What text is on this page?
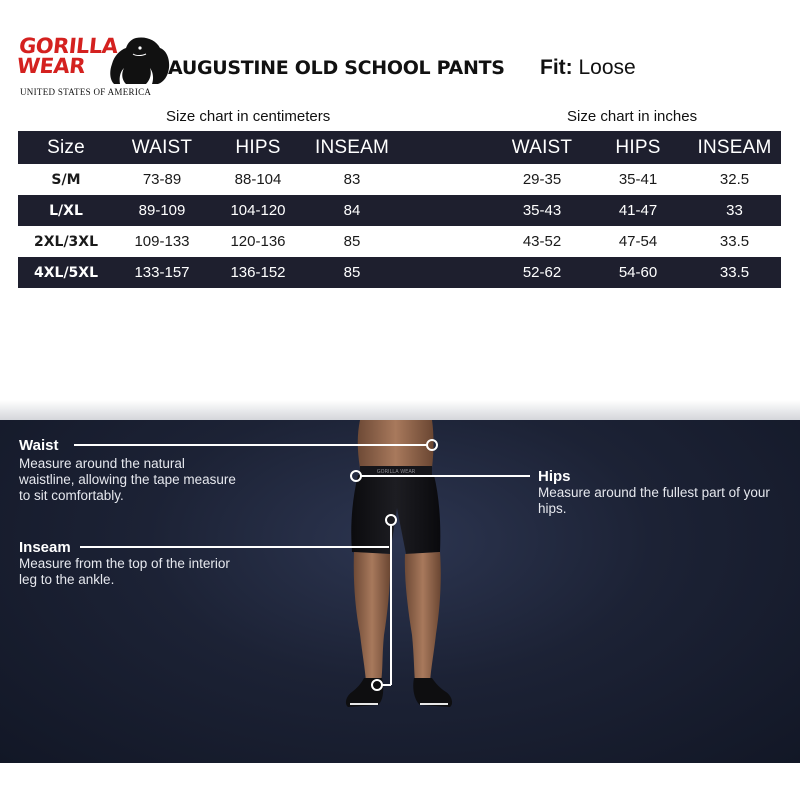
GORILLA
WEAR
UNITED STATES OF AMERICA
AUGUSTINE OLD SCHOOL PANTS Fit: Loose
Size chart in centimeters	Size chart in inches
Size	WAIST	HIPS	INSEAM	WAIST	HIPS	INSEAM
S/M	73-89	88-104	83	29-35	35-41	32.5
L/XL	89-109	104-120	84	35-43	41-47	33
2XL/3XL	109-133	120-136	85	43-52	47-54	33.5
4XL/5XL	133-157	136-152	85	52-62	54-60	33.5
GORILLA WEAR
Waist
Measure around the natural waistline, allowing the tape measure to sit comfortably.
Hips
Measure around the fullest part of your hips.
Inseam
Measure from the top of the interior leg to the ankle.
